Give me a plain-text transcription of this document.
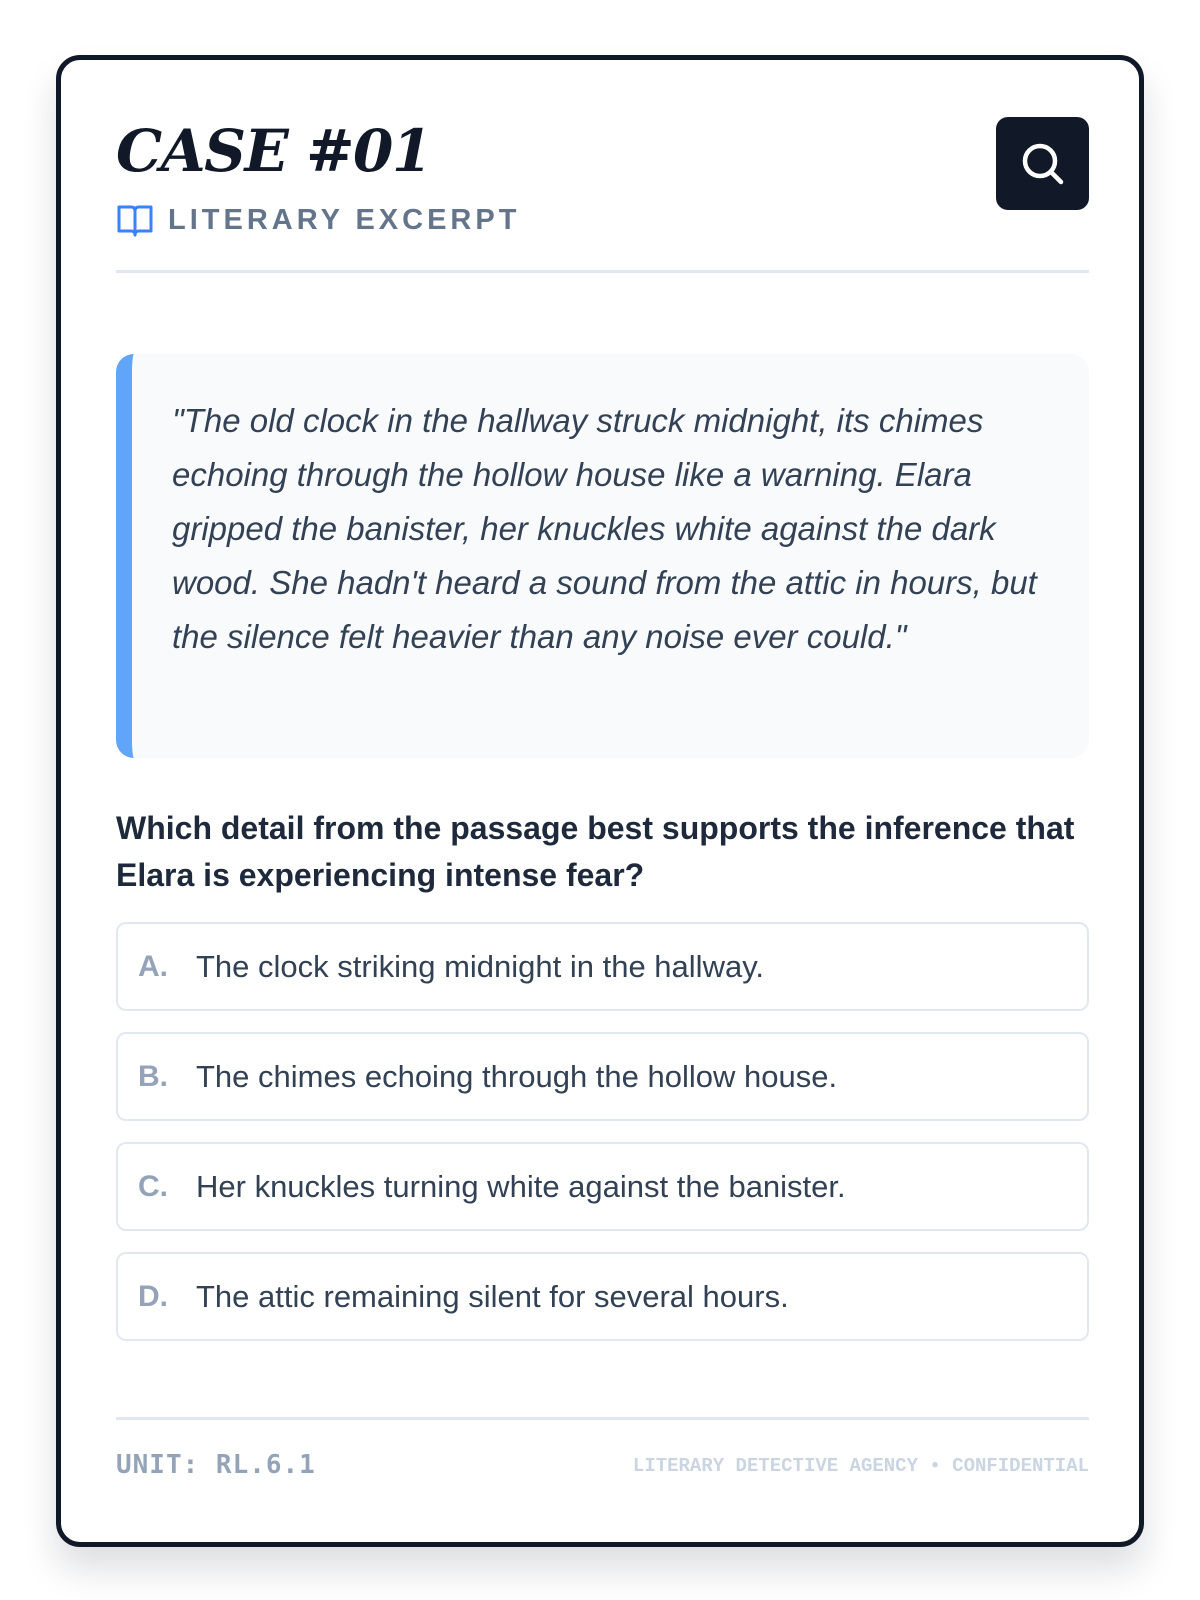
CASE #01
LITERARY EXCERPT

"The old clock in the hallway struck midnight, its chimes echoing through the hollow house like a warning. Elara gripped the banister, her knuckles white against the dark wood. She hadn't heard a sound from the attic in hours, but the silence felt heavier than any noise ever could."

Which detail from the passage best supports the inference that Elara is experiencing intense fear?

A. The clock striking midnight in the hallway.
B. The chimes echoing through the hollow house.
C. Her knuckles turning white against the banister.
D. The attic remaining silent for several hours.
UNIT: RL.6.1	LITERARY DETECTIVE AGENCY • CONFIDENTIAL
